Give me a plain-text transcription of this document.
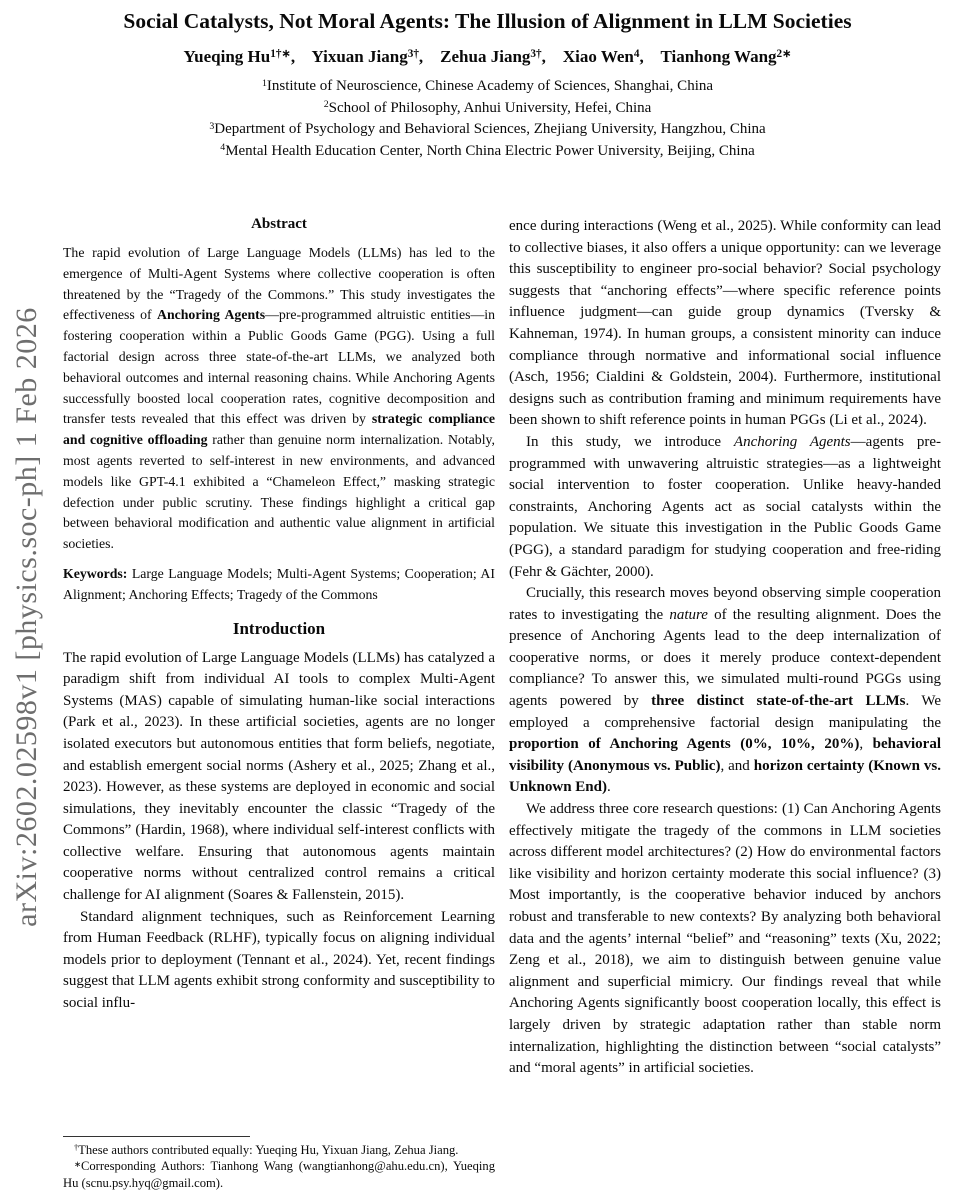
arXiv:2602.02598v1 [physics.soc-ph] 1 Feb 2026
Social Catalysts, Not Moral Agents: The Illusion of Alignment in LLM Societies
Yueqing $Hu^{1\dagger∗}$,    Yixuan Jiang$^{3\dagger}$,    Zehua Jiang$^{3\dagger}$,    Xiao Wen$^4$,    Tianhong Wang$^{2∗}$
$^1$Institute of Neuroscience, Chinese Academy of Sciences, Shanghai, China
$^2$School of Philosophy, Anhui University, Hefei, China
$^3$Department of Psychology and Behavioral Sciences, Zhejiang University, Hangzhou, China
$^4$Mental Health Education Center, North China Electric Power University, Beijing, China
Abstract

The rapid evolution of Large Language Models (LLMs) has led to the emergence of Multi-Agent Systems where collective cooperation is often threatened by the “Tragedy of the Commons.” This study investigates the effectiveness of Anchoring Agents—pre-programmed altruistic entities—in fostering cooperation within a Public Goods Game (PGG). Using a full factorial design across three state-of-the-art LLMs, we analyzed both behavioral outcomes and internal reasoning chains. While Anchoring Agents successfully boosted local cooperation rates, cognitive decomposition and transfer tests revealed that this effect was driven by strategic compliance and cognitive offloading rather than genuine norm internalization. Notably, most agents reverted to self-interest in new environments, and advanced models like GPT-4.1 exhibited a “Chameleon Effect,” masking strategic defection under public scrutiny. These findings highlight a critical gap between behavioral modification and authentic value alignment in artificial societies.

Keywords: Large Language Models; Multi-Agent Systems; Cooperation; AI Alignment; Anchoring Effects; Tragedy of the Commons

Introduction

The rapid evolution of Large Language Models (LLMs) has catalyzed a paradigm shift from individual AI tools to complex Multi-Agent Systems (MAS) capable of simulating human-like social interactions (Park et al., 2023). In these artificial societies, agents are no longer isolated executors but autonomous entities that form beliefs, negotiate, and establish emergent social norms (Ashery et al., 2025; Zhang et al., 2023). However, as these systems are deployed in economic and social simulations, they inevitably encounter the classic “Tragedy of the Commons” (Hardin, 1968), where individual self-interest conflicts with collective welfare. Ensuring that autonomous agents maintain cooperative norms without centralized control remains a critical challenge for AI alignment (Soares & Fallenstein, 2015).

Standard alignment techniques, such as Reinforcement Learning from Human Feedback (RLHF), typically focus on aligning individual models prior to deployment (Tennant et al., 2024). Yet, recent findings suggest that LLM agents exhibit strong conformity and susceptibility to social influ-

†These authors contributed equally: Yueqing Hu, Yixuan Jiang, Zehua Jiang.

∗Corresponding Authors: Tianhong Wang (wangtianhong@ahu.edu.cn), Yueqing Hu (scnu.psy.hyq@gmail.com).

ence during interactions (Weng et al., 2025). While conformity can lead to collective biases, it also offers a unique opportunity: can we leverage this susceptibility to engineer pro-social behavior? Social psychology suggests that “anchoring effects”—where specific reference points influence judgment—can guide group dynamics (Tversky & Kahneman, 1974). In human groups, a consistent minority can induce compliance through normative and informational social influence (Asch, 1956; Cialdini & Goldstein, 2004). Furthermore, institutional designs such as contribution framing and minimum requirements have been shown to shift reference points in human PGGs (Li et al., 2024).

In this study, we introduce Anchoring Agents—agents pre-programmed with unwavering altruistic strategies—as a lightweight social intervention to foster cooperation. Unlike heavy-handed constraints, Anchoring Agents act as social catalysts within the population. We situate this investigation in the Public Goods Game (PGG), a standard paradigm for studying cooperation and free-riding (Fehr & Gächter, 2000).

Crucially, this research moves beyond observing simple cooperation rates to investigating the nature of the resulting alignment. Does the presence of Anchoring Agents lead to the deep internalization of cooperative norms, or does it merely produce context-dependent compliance? To answer this, we simulated multi-round PGGs using agents powered by three distinct state-of-the-art LLMs. We employed a comprehensive factorial design manipulating the proportion of Anchoring Agents (0%, 10%, 20%), behavioral visibility (Anonymous vs. Public), and horizon certainty (Known vs. Unknown End).

We address three core research questions: (1) Can Anchoring Agents effectively mitigate the tragedy of the commons in LLM societies across different model architectures? (2) How do environmental factors like visibility and horizon certainty moderate this social influence? (3) Most importantly, is the cooperative behavior induced by anchors robust and transferable to new contexts? By analyzing both behavioral data and the agents’ internal “belief” and “reasoning” texts (Xu, 2022; Zeng et al., 2018), we aim to distinguish between genuine value alignment and superficial mimicry. Our findings reveal that while Anchoring Agents significantly boost cooperation locally, this effect is largely driven by strategic adaptation rather than stable norm internalization, highlighting the distinction between “social catalysts” and “moral agents” in artificial societies.
